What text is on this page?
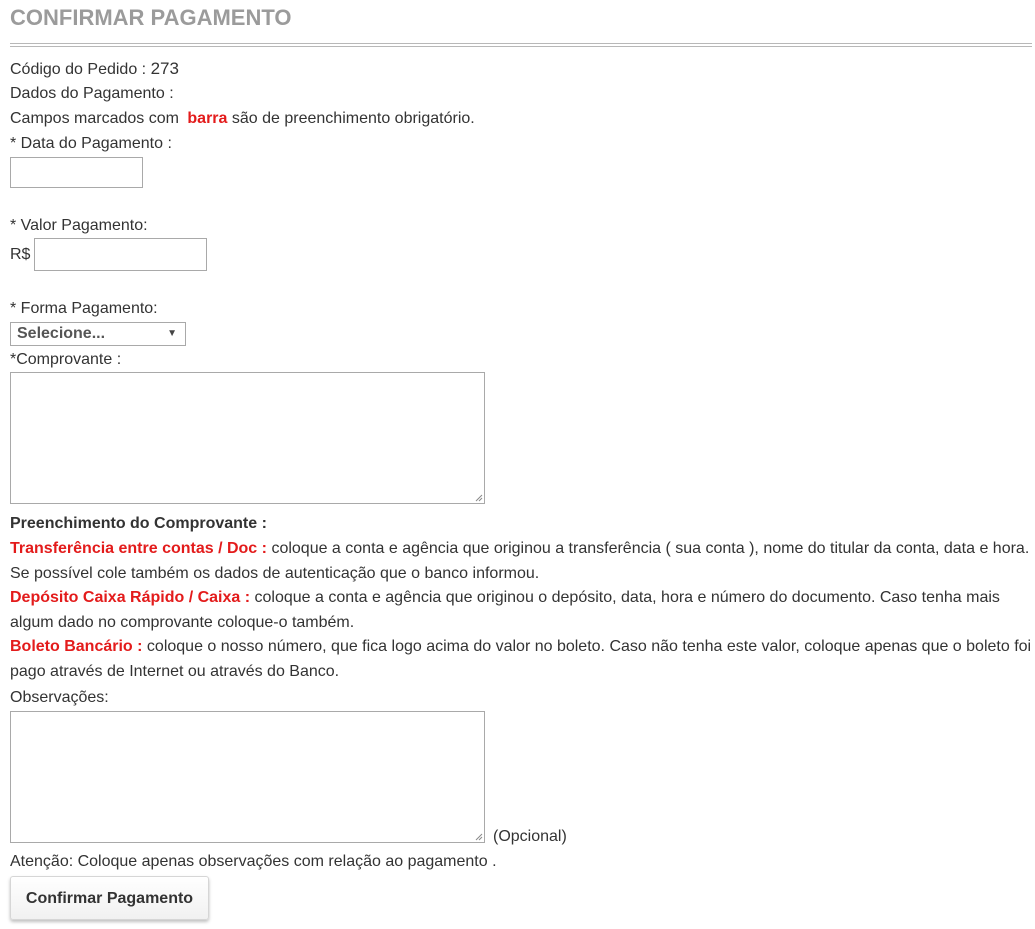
CONFIRMAR PAGAMENTO
Código do Pedido : 273
Dados do Pagamento :
Campos marcados com barra são de preenchimento obrigatório.
* Data do Pagamento :
* Valor Pagamento:
R$
* Forma Pagamento:
Selecione...	▼
*Comprovante :
Preenchimento do Comprovante :
Transferência entre contas / Doc : coloque a conta e agência que originou a transferência ( sua conta ), nome do titular da conta, data e hora. Se possível cole também os dados de autenticação que o banco informou.
Depósito Caixa Rápido / Caixa : coloque a conta e agência que originou o depósito, data, hora e número do documento. Caso tenha mais algum dado no comprovante coloque-o também.
Boleto Bancário : coloque o nosso número, que fica logo acima do valor no boleto. Caso não tenha este valor, coloque apenas que o boleto foi pago através de Internet ou através do Banco.
Observações:
(Opcional)
Atenção: Coloque apenas observações com relação ao pagamento .
Confirmar Pagamento
